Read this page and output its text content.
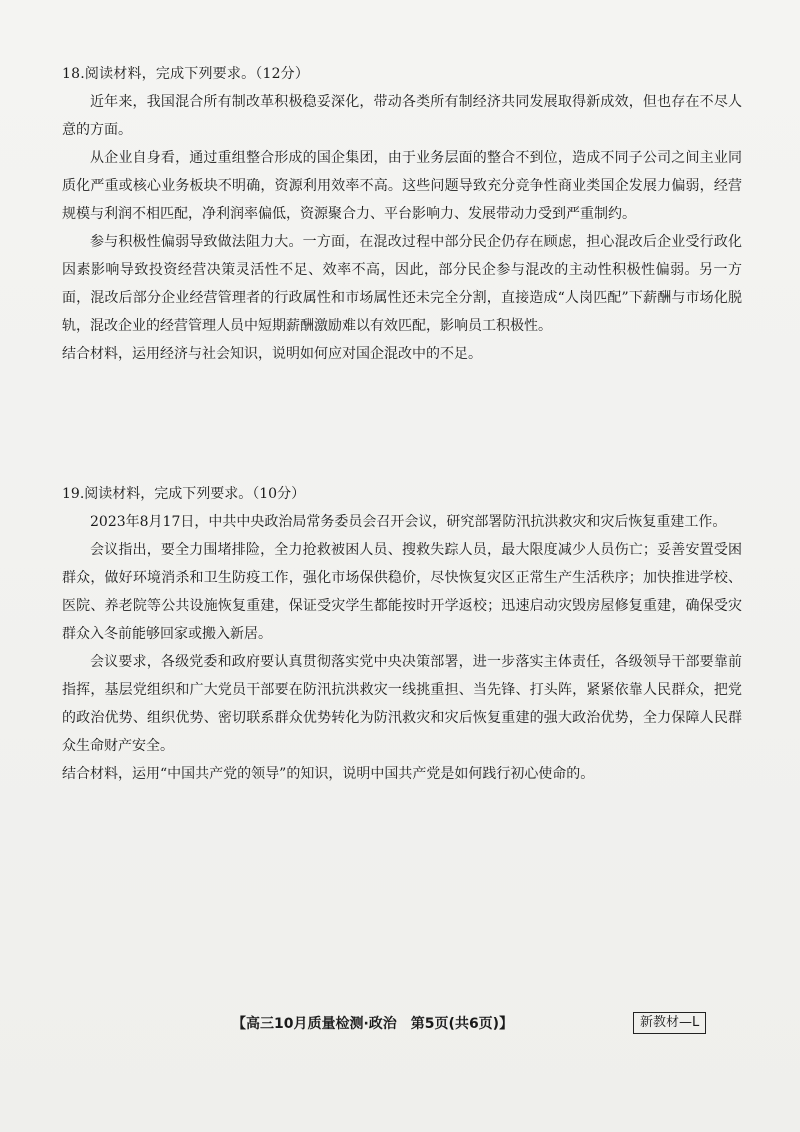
18.阅读材料，完成下列要求。（12分）

近年来，我国混合所有制改革积极稳妥深化，带动各类所有制经济共同发展取得新成效，但也存在不尽人意的方面。

从企业自身看，通过重组整合形成的国企集团，由于业务层面的整合不到位，造成不同子公司之间主业同质化严重或核心业务板块不明确，资源利用效率不高。这些问题导致充分竞争性商业类国企发展力偏弱，经营规模与利润不相匹配，净利润率偏低，资源聚合力、平台影响力、发展带动力受到严重制约。

参与积极性偏弱导致做法阻力大。一方面，在混改过程中部分民企仍存在顾虑，担心混改后企业受行政化因素影响导致投资经营决策灵活性不足、效率不高，因此，部分民企参与混改的主动性积极性偏弱。另一方面，混改后部分企业经营管理者的行政属性和市场属性还未完全分割，直接造成“人岗匹配”下薪酬与市场化脱轨，混改企业的经营管理人员中短期薪酬激励难以有效匹配，影响员工积极性。

结合材料，运用经济与社会知识，说明如何应对国企混改中的不足。

19.阅读材料，完成下列要求。（10分）

2023年8月17日，中共中央政治局常务委员会召开会议，研究部署防汛抗洪救灾和灾后恢复重建工作。

会议指出，要全力围堵排险，全力抢救被困人员、搜救失踪人员，最大限度减少人员伤亡；妥善安置受困群众，做好环境消杀和卫生防疫工作，强化市场保供稳价，尽快恢复灾区正常生产生活秩序；加快推进学校、医院、养老院等公共设施恢复重建，保证受灾学生都能按时开学返校；迅速启动灾毁房屋修复重建，确保受灾群众入冬前能够回家或搬入新居。

会议要求，各级党委和政府要认真贯彻落实党中央决策部署，进一步落实主体责任，各级领导干部要靠前指挥，基层党组织和广大党员干部要在防汛抗洪救灾一线挑重担、当先锋、打头阵，紧紧依靠人民群众，把党的政治优势、组织优势、密切联系群众优势转化为防汛救灾和灾后恢复重建的强大政治优势，全力保障人民群众生命财产安全。

结合材料，运用“中国共产党的领导”的知识，说明中国共产党是如何践行初心使命的。

【高三10月质量检测·政治　第5页(共6页)】	新教材—L
